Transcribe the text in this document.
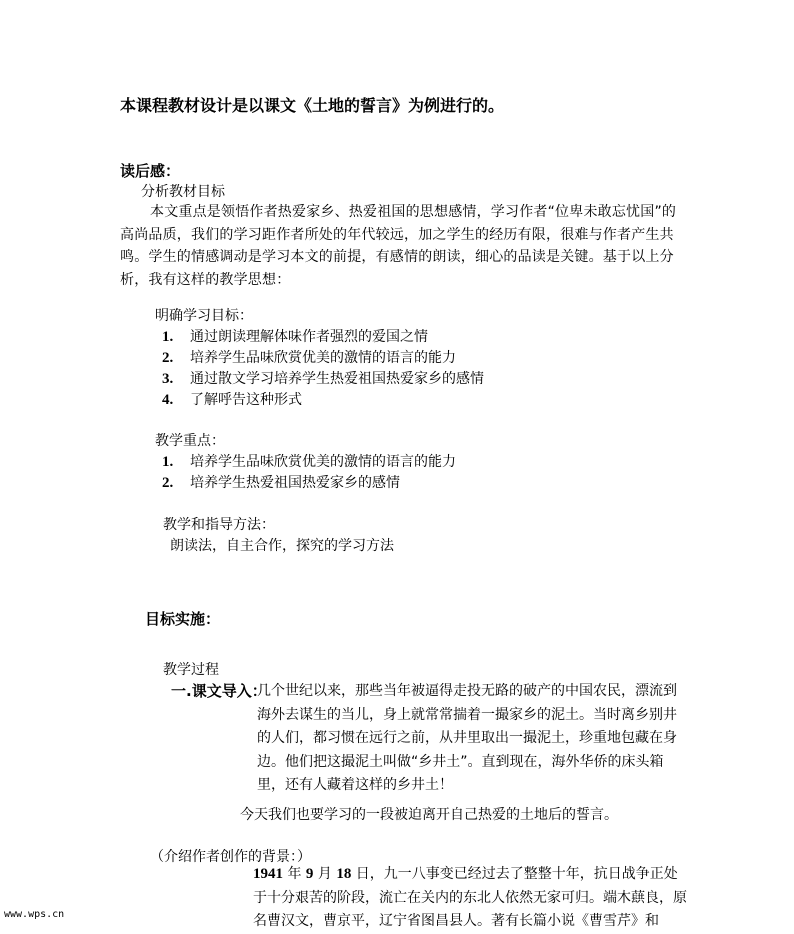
本课程教材设计是以课文《土地的誓言》为例进行的。
读后感：
分析教材目标
本文重点是领悟作者热爱家乡、热爱祖国的思想感情，学习作者“位卑未敢忘忧国”的高尚品质，我们的学习距作者所处的年代较远，加之学生的经历有限，很难与作者产生共鸣。学生的情感调动是学习本文的前提，有感情的朗读，细心的品读是关键。基于以上分析，我有这样的教学思想：
明确学习目标：
1. 通过朗读理解体味作者强烈的爱国之情
2. 培养学生品味欣赏优美的激情的语言的能力
3. 通过散文学习培养学生热爱祖国热爱家乡的感情
4. 了解呼告这种形式
教学重点：
1. 培养学生品味欣赏优美的激情的语言的能力
2. 培养学生热爱祖国热爱家乡的感情
教学和指导方法：
朗读法，自主合作，探究的学习方法
目标实施：
教学过程
一.课文导入：
几个世纪以来，那些当年被逼得走投无路的破产的中国农民，漂流到海外去谋生的当儿，身上就常常揣着一撮家乡的泥土。当时离乡别井的人们，都习惯在远行之前，从井里取出一撮泥土，珍重地包藏在身边。他们把这撮泥土叫做“乡井土”。直到现在，海外华侨的床头箱里，还有人藏着这样的乡井土！
今天我们也要学习的一段被迫离开自己热爱的土地后的誓言。
（介绍作者创作的背景：）
1941 年 9 月 18 日，九一八事变已经过去了整整十年，抗日战争正处于十分艰苦的阶段，流亡在关内的东北人依然无家可归。端木蕻良，原名曹汉文，曹京平，辽宁省图昌县人。著有长篇小说《曹雪芹》和
www.wps.cn
